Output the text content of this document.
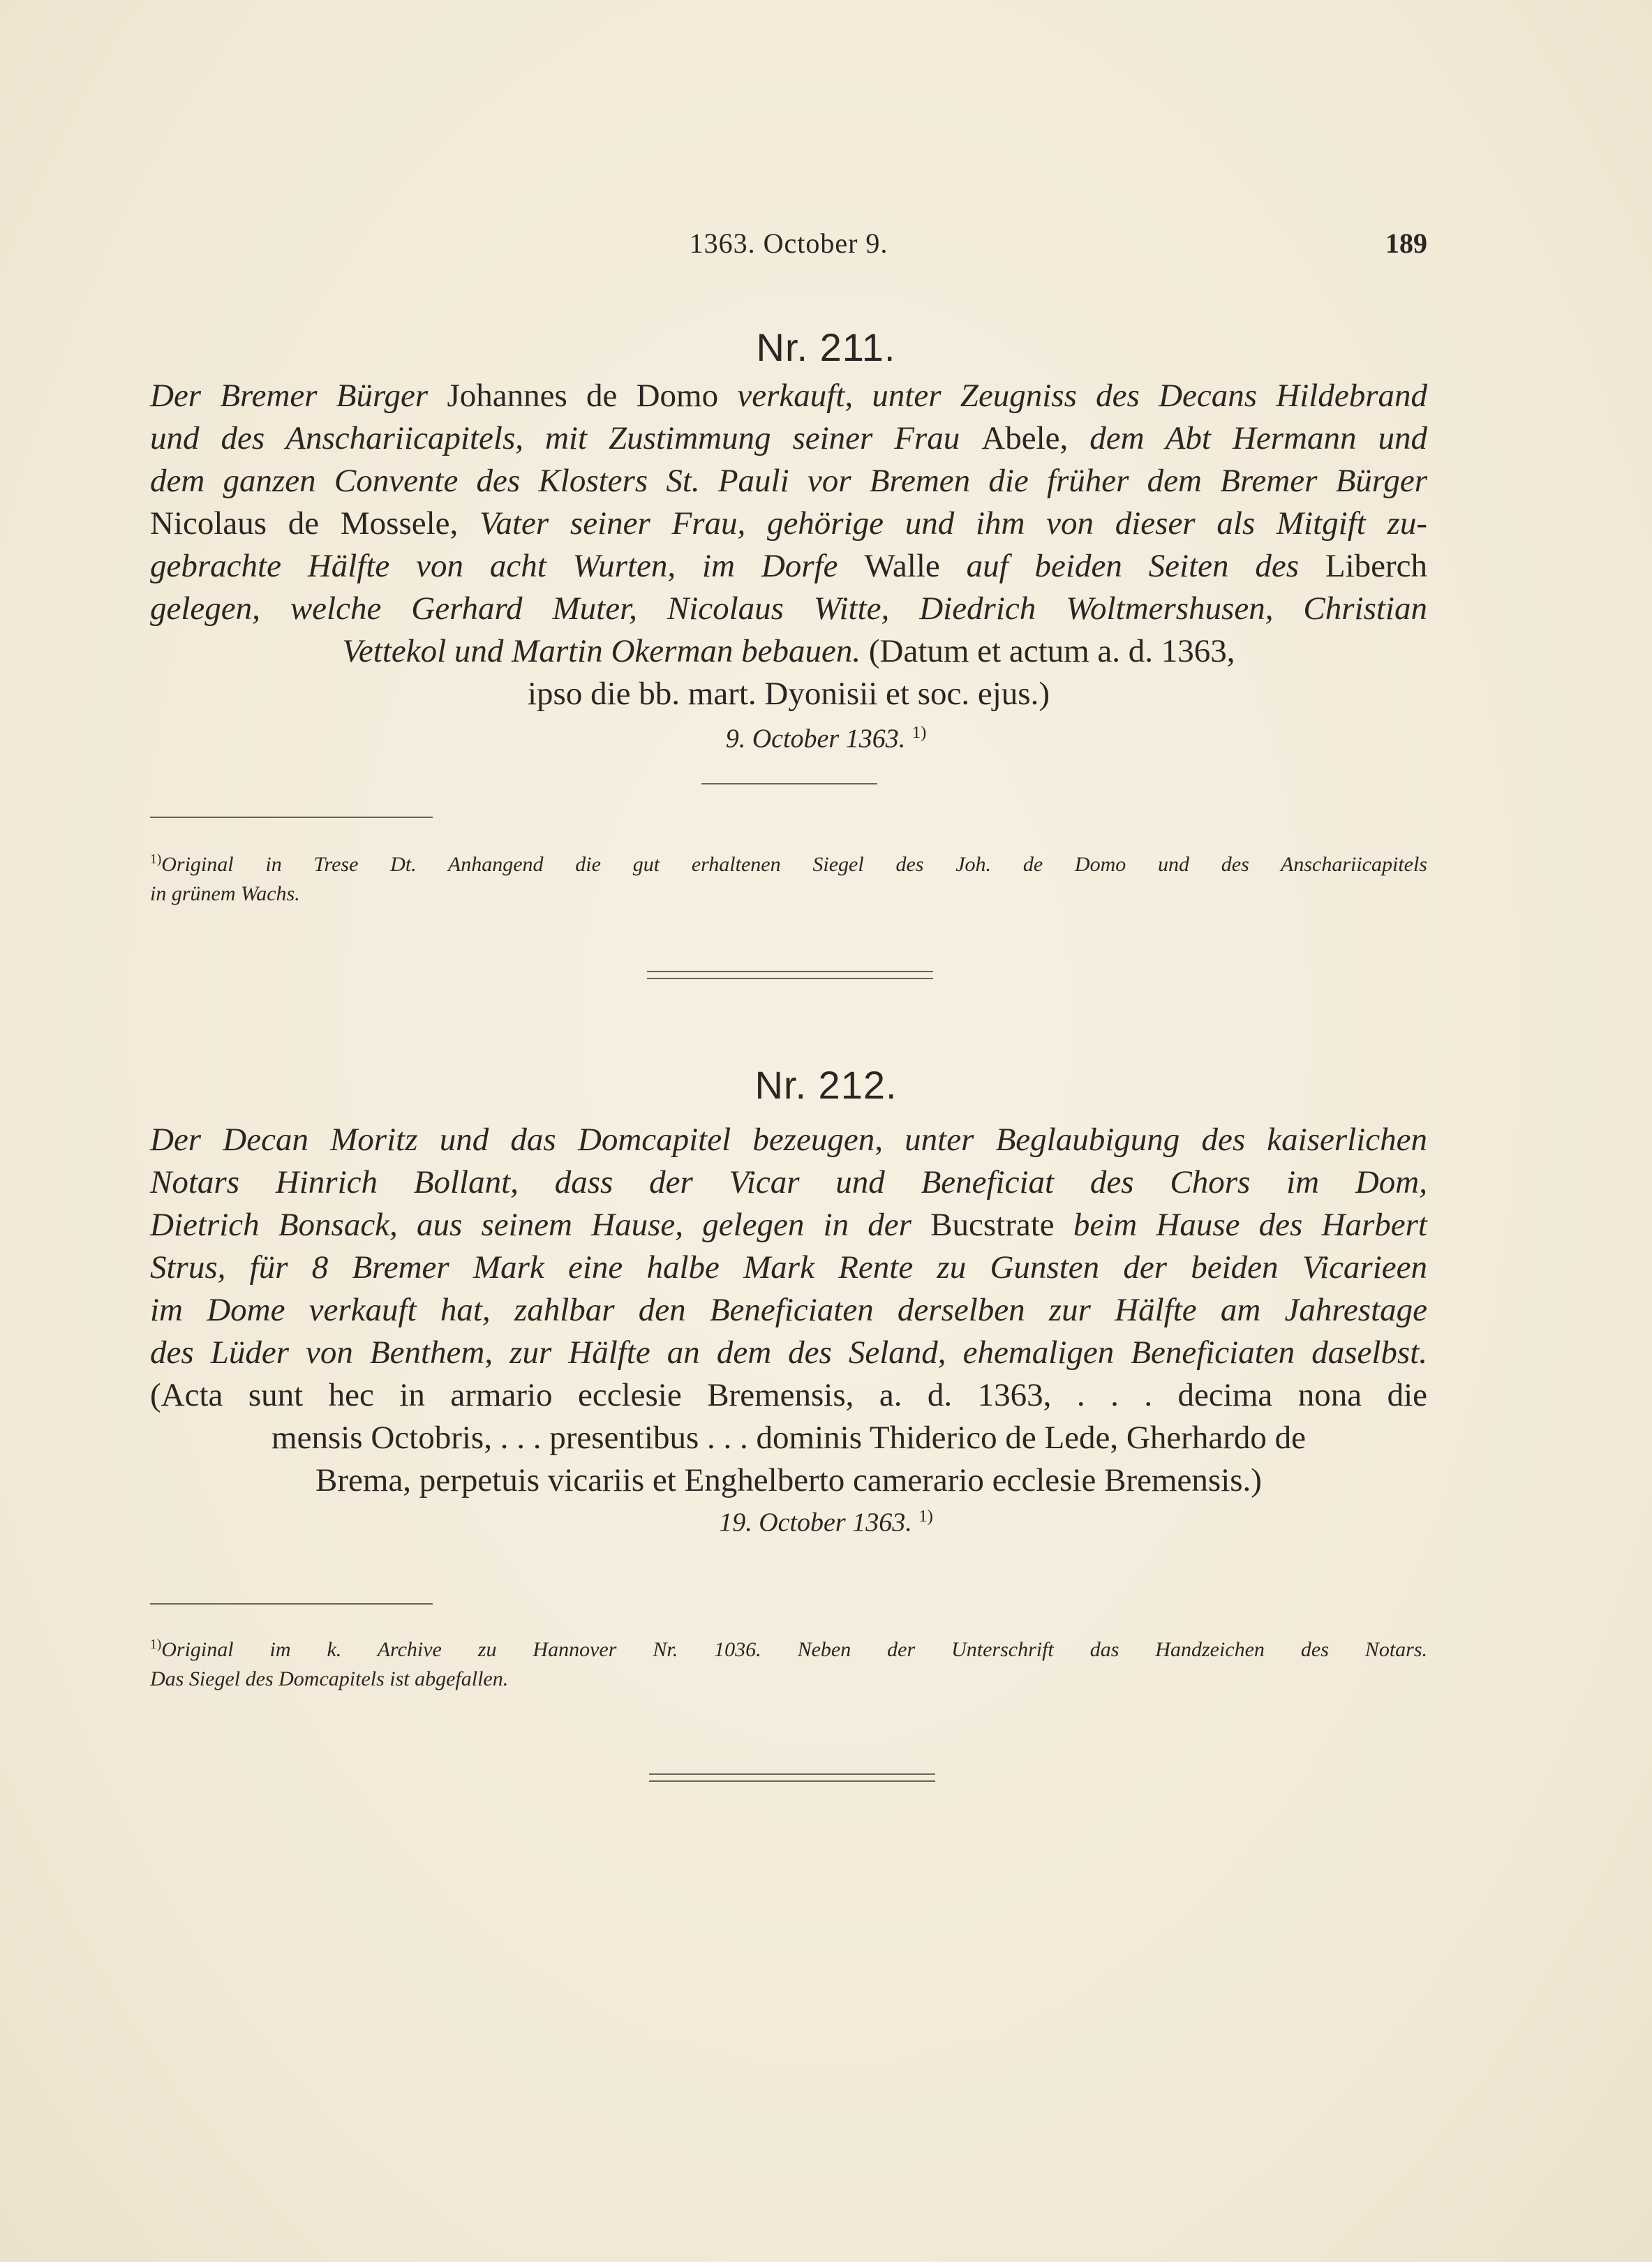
1363. October 9.	189
Nr. 211.
Der Bremer Bürger Johannes de Domo verkauft, unter Zeugniss des Decans Hildebrand
und des Anschariicapitels, mit Zustimmung seiner Frau Abele, dem Abt Hermann und
dem ganzen Convente des Klosters St. Pauli vor Bremen die früher dem Bremer Bürger
Nicolaus de Mossele, Vater seiner Frau, gehörige und ihm von dieser als Mitgift zu-
gebrachte Hälfte von acht Wurten, im Dorfe Walle auf beiden Seiten des Liberch
gelegen, welche Gerhard Muter, Nicolaus Witte, Diedrich Woltmershusen, Christian
Vettekol und Martin Okerman bebauen. (Datum et actum a. d. 1363,
ipso die bb. mart. Dyonisii et soc. ejus.)
9. October 1363. $^{1)}$
$^{1)}$Original in Trese Dt. Anhangend die gut erhaltenen Siegel des Joh. de Domo und des Anschariicapitels
in grünem Wachs.
Nr. 212.
Der Decan Moritz und das Domcapitel bezeugen, unter Beglaubigung des kaiserlichen
Notars Hinrich Bollant, dass der Vicar und Beneficiat des Chors im Dom,
Dietrich Bonsack, aus seinem Hause, gelegen in der Bucstrate beim Hause des Harbert
Strus, für 8 Bremer Mark eine halbe Mark Rente zu Gunsten der beiden Vicarieen
im Dome verkauft hat, zahlbar den Beneficiaten derselben zur Hälfte am Jahrestage
des Lüder von Benthem, zur Hälfte an dem des Seland, ehemaligen Beneficiaten daselbst.
(Acta sunt hec in armario ecclesie Bremensis, a. d. 1363, . . . decima nona die
mensis Octobris, . . . presentibus . . . dominis Thiderico de Lede, Gherhardo de
Brema, perpetuis vicariis et Enghelberto camerario ecclesie Bremensis.)
19. October 1363. $^{1)}$
$^{1)}$Original im k. Archive zu Hannover Nr. 1036. Neben der Unterschrift das Handzeichen des Notars.
Das Siegel des Domcapitels ist abgefallen.
